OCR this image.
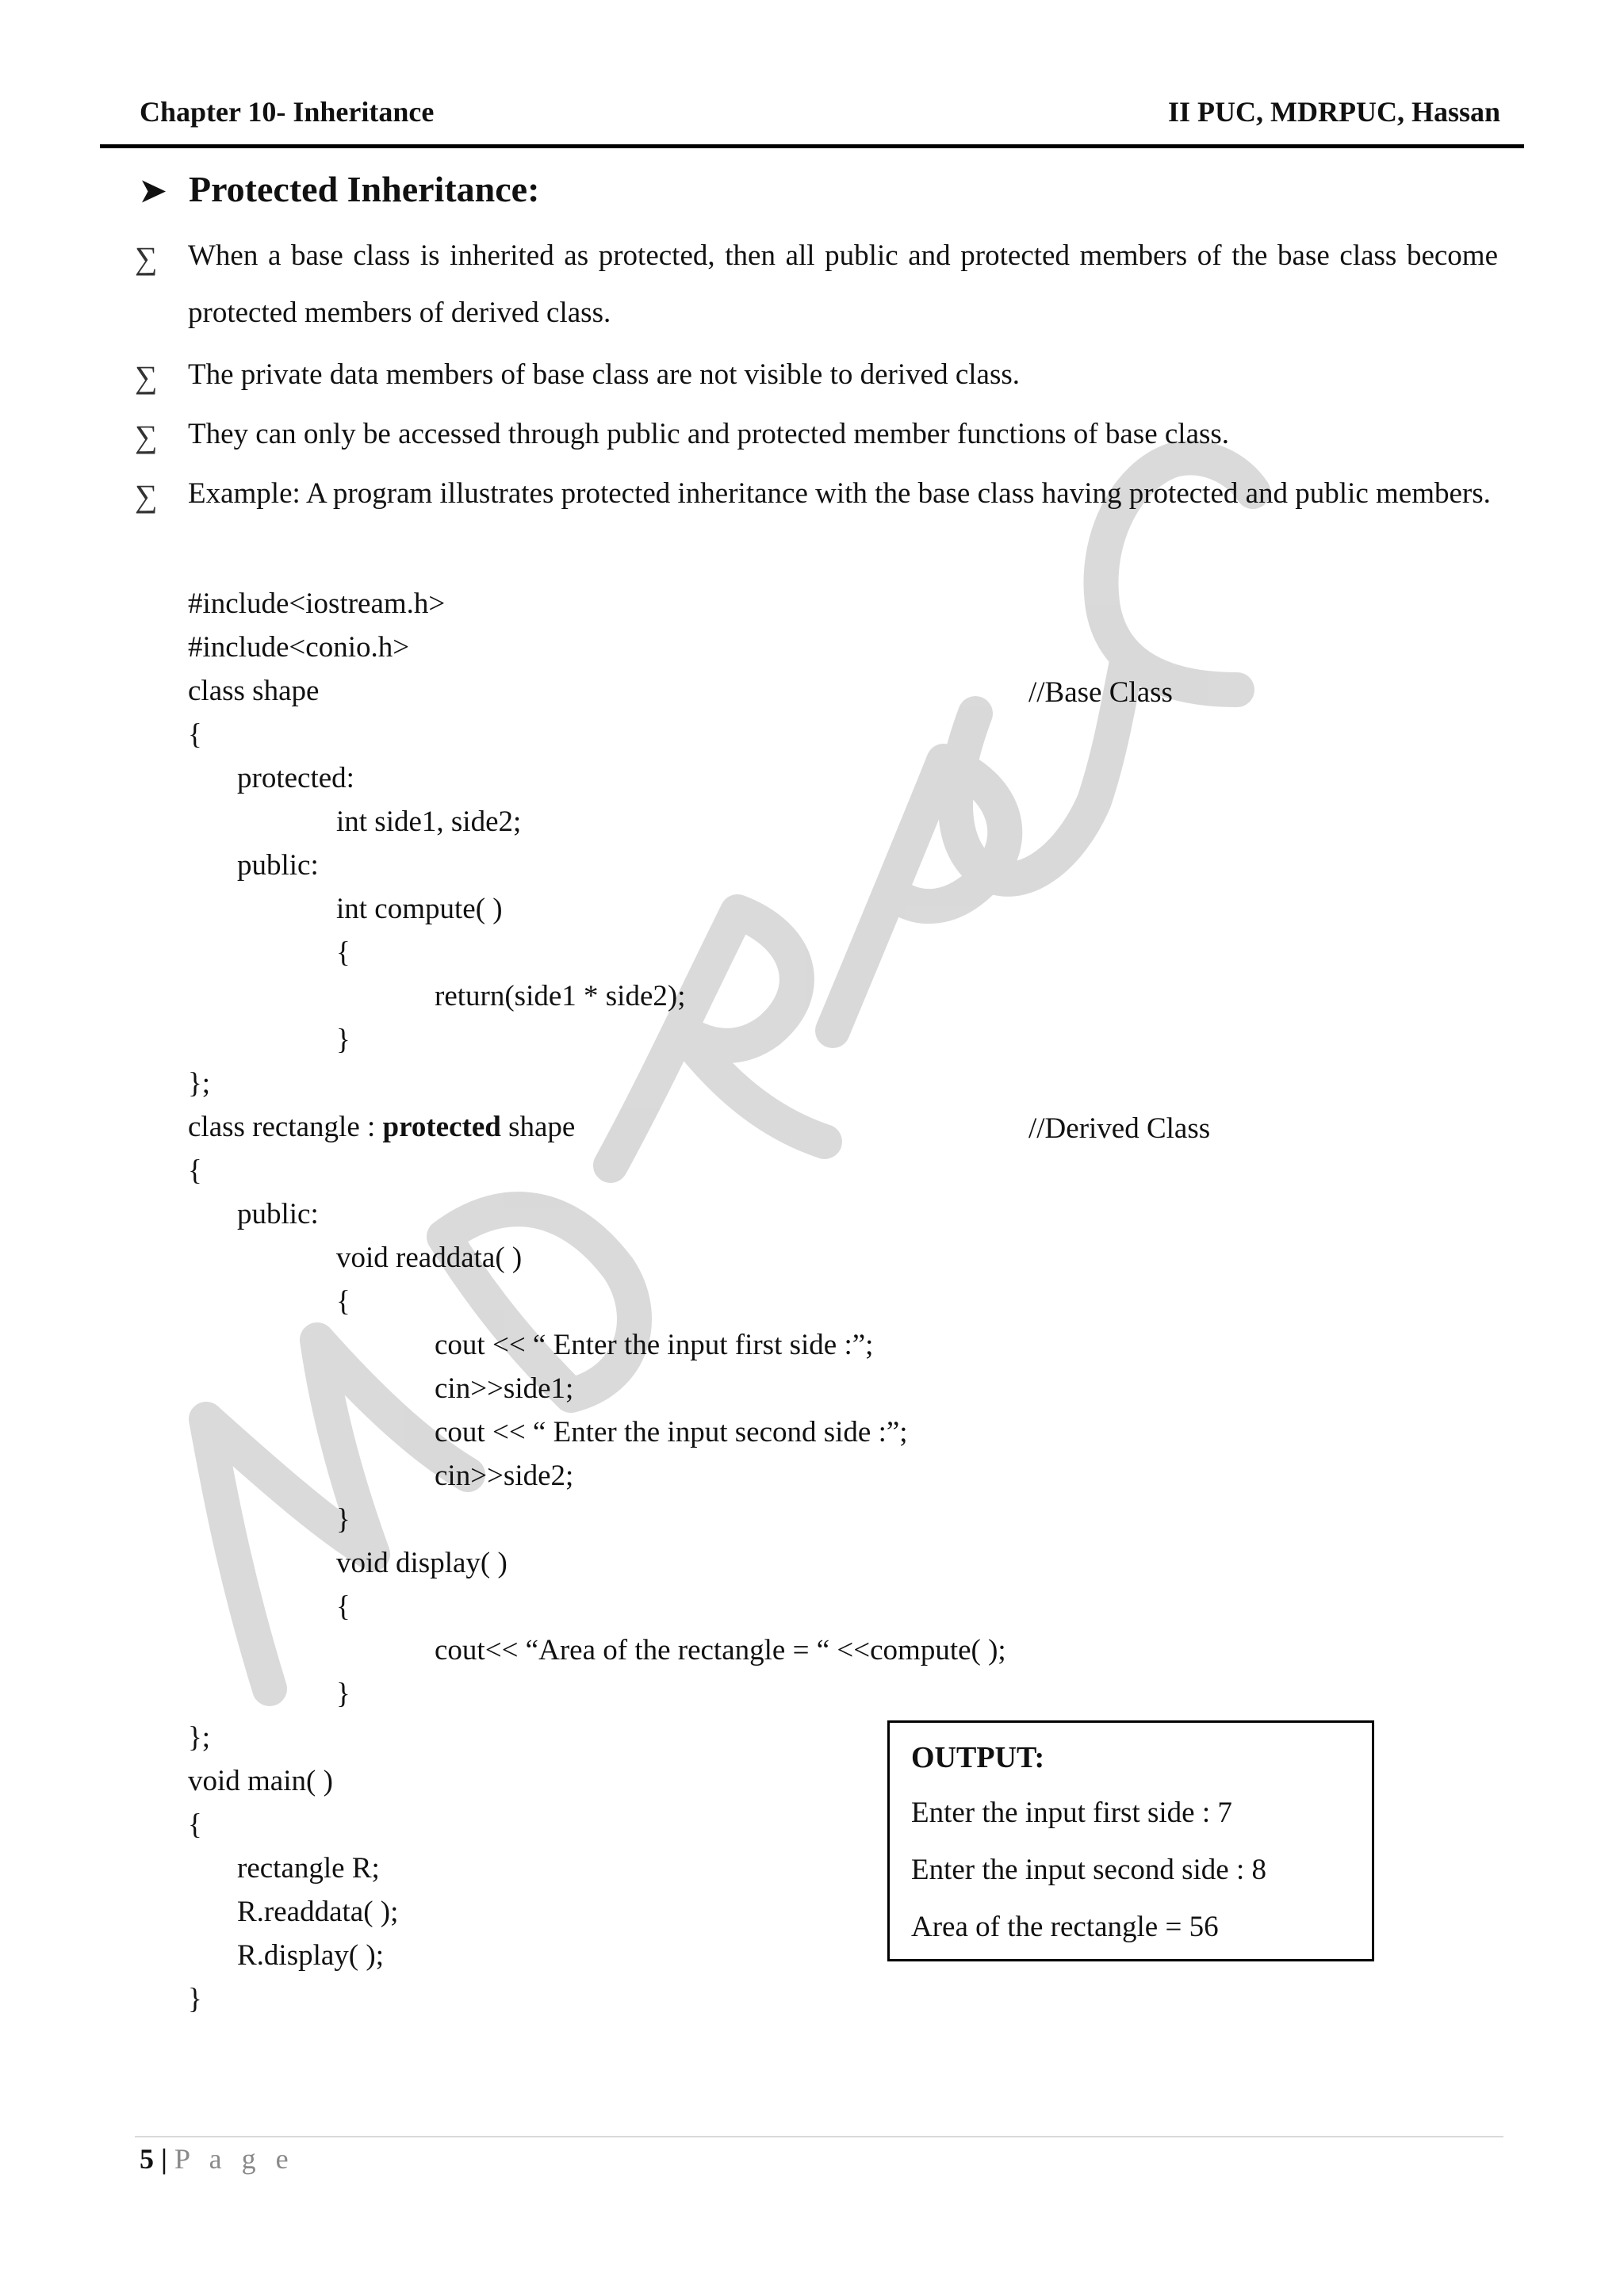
Chapter 10- Inheritance	II PUC, MDRPUC, Hassan
➤ Protected Inheritance:
∑ When a base class is inherited as protected, then all public and protected members of the base class become protected members of derived class.
∑ The private data members of base class are not visible to derived class.
∑ They can only be accessed through public and protected member functions of base class.
∑ Example: A program illustrates protected inheritance with the base class having protected and public members.
#include<iostream.h>
#include<conio.h>
class shape	//Base Class
{
protected:
int side1, side2;
public:
int compute( )
{
return(side1 * side2);
}
};
class rectangle : protected shape	//Derived Class
{
public:
void readdata( )
{
cout << “ Enter the input first side :”;
cin>>side1;
cout << “ Enter the input second side :”;
cin>>side2;
}
void display( )
{
cout<< “Area of the rectangle = “ <<compute( );
}
};
void main( )
{
rectangle R;
R.readdata( );
R.display( );
}
OUTPUT:
Enter the input first side : 7
Enter the input second side : 8
Area of the rectangle = 56
5 | P a g e
